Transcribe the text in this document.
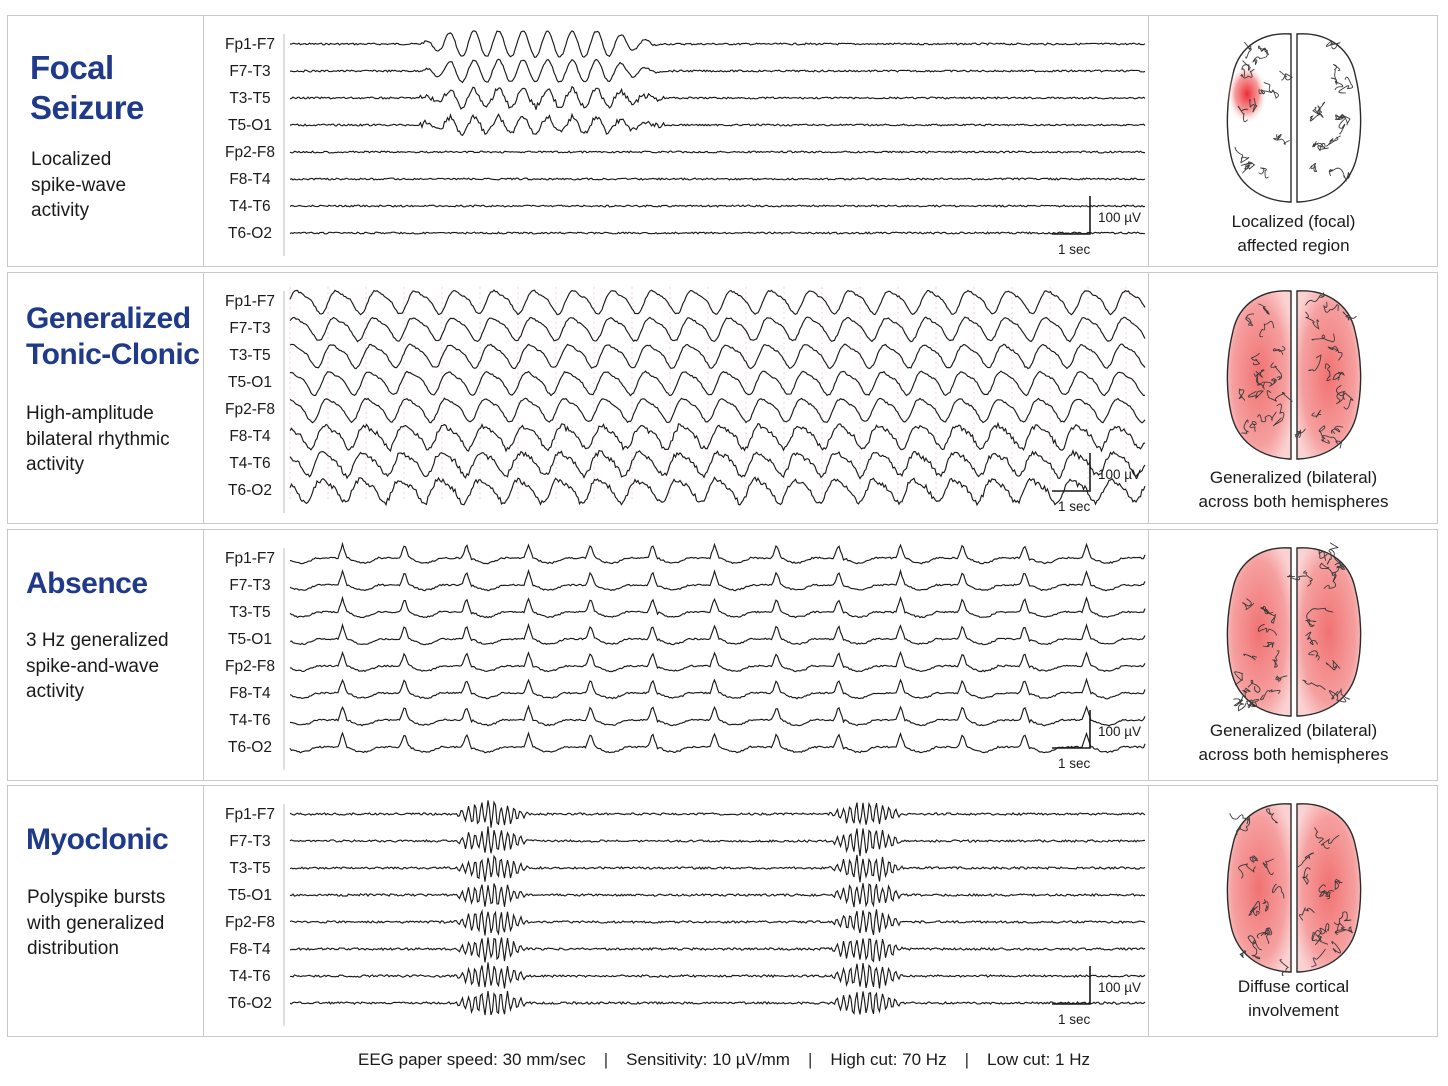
Focal
Seizure
Localized
spike-wave
activity
Fp1-F7
F7-T3
T3-T5
T5-O1
Fp2-F8
F8-T4
T4-T6
T6-O2
100 µV
1 sec
Localized (focal)
affected region
Generalized
Tonic-Clonic
High-amplitude
bilateral rhythmic
activity
Fp1-F7
F7-T3
T3-T5
T5-O1
Fp2-F8
F8-T4
T4-T6
T6-O2
100 µV
1 sec
Generalized (bilateral)
across both hemispheres
Absence
3 Hz generalized
spike-and-wave
activity
Fp1-F7
F7-T3
T3-T5
T5-O1
Fp2-F8
F8-T4
T4-T6
T6-O2
100 µV
1 sec
Generalized (bilateral)
across both hemispheres
Myoclonic
Polyspike bursts
with generalized
distribution
Fp1-F7
F7-T3
T3-T5
T5-O1
Fp2-F8
F8-T4
T4-T6
T6-O2
100 µV
1 sec
Diffuse cortical
involvement
EEG paper speed: 30 mm/sec | Sensitivity: 10 µV/mm | High cut: 70 Hz | Low cut: 1 Hz
